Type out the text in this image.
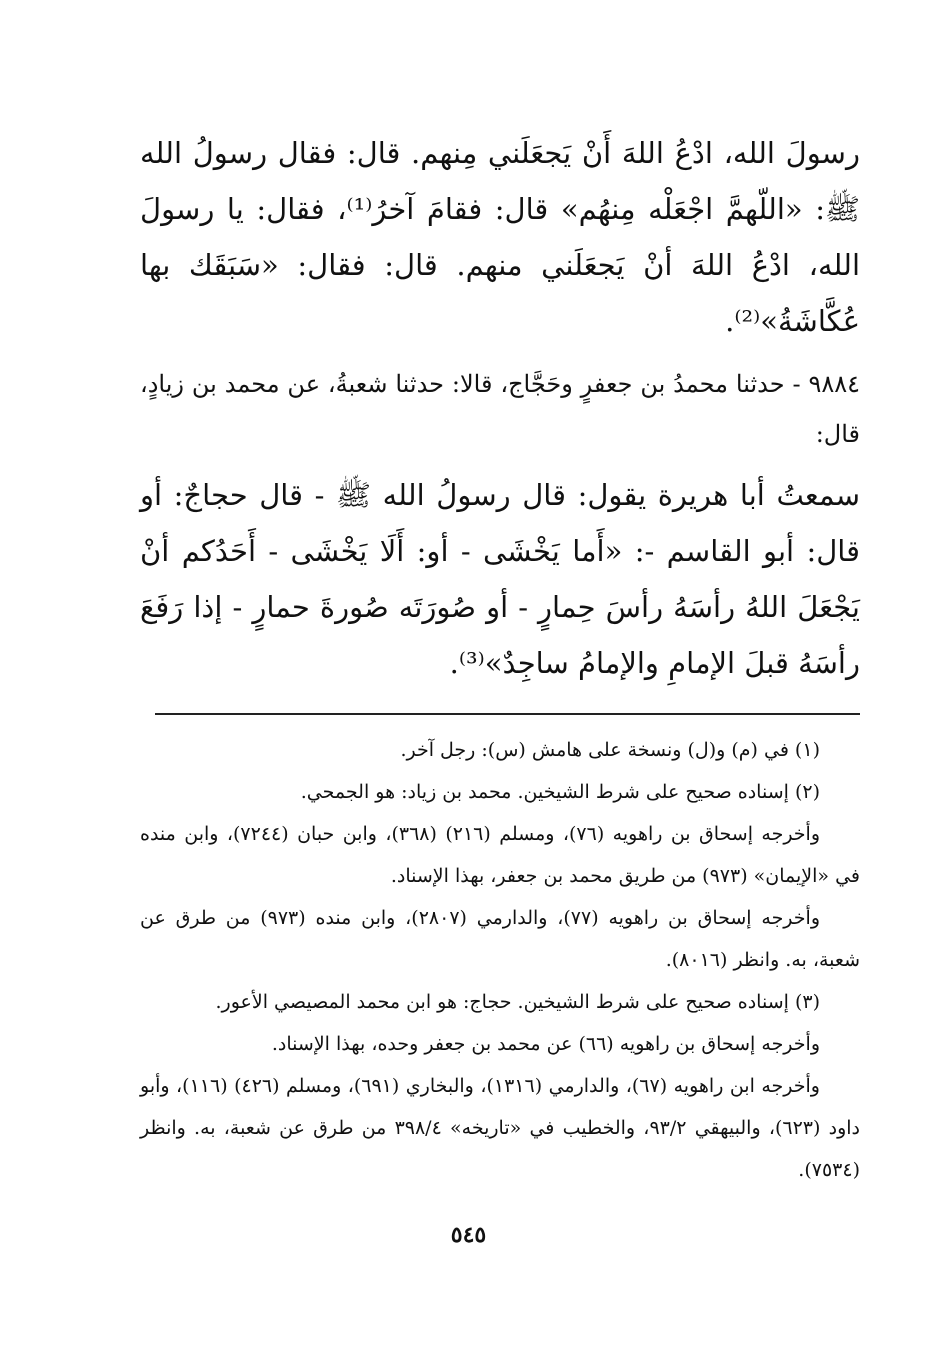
رسولَ الله، ادْعُ اللهَ أَنْ يَجعَلَني مِنهم. قال: فقال رسولُ الله ﷺ: «اللّهمَّ اجْعَلْه مِنهُم» قال: فقامَ آخرُ⁽¹⁾، فقال: يا رسولَ الله، ادْعُ اللهَ أنْ يَجعَلَني منهم. قال: فقال: «سَبَقَك بها عُكَّاشَةُ»⁽²⁾.

٩٨٨٤ - حدثنا محمدُ بن جعفرٍ وحَجَّاج، قالا: حدثنا شعبةُ، عن محمد بن زيادٍ، قال:

سمعتُ أبا هريرة يقول: قال رسولُ الله ﷺ - قال حجاجٌ: أو قال: أبو القاسم -: «أَما يَخْشَى - أو: أَلَا يَخْشَى - أَحَدُكم أنْ يَجْعَلَ اللهُ رأسَهُ رأسَ حِمارٍ - أو صُورَتَه صُورةَ حمارٍ - إذا رَفَعَ رأسَهُ قبلَ الإمامِ والإمامُ ساجِدٌ»⁽³⁾.

(١) في (م) و(ل) ونسخة على هامش (س): رجل آخر.

(٢) إسناده صحيح على شرط الشيخين. محمد بن زياد: هو الجمحي.

وأخرجه إسحاق بن راهويه (٧٦)، ومسلم (٢١٦) (٣٦٨)، وابن حبان (٧٢٤٤)، وابن منده في «الإيمان» (٩٧٣) من طريق محمد بن جعفر، بهذا الإسناد.

وأخرجه إسحاق بن راهويه (٧٧)، والدارمي (٢٨٠٧)، وابن منده (٩٧٣) من طرق عن شعبة، به. وانظر (٨٠١٦).

(٣) إسناده صحيح على شرط الشيخين. حجاج: هو ابن محمد المصيصي الأعور.

وأخرجه إسحاق بن راهويه (٦٦) عن محمد بن جعفر وحده، بهذا الإسناد.

وأخرجه ابن راهويه (٦٧)، والدارمي (١٣١٦)، والبخاري (٦٩١)، ومسلم (٤٢٦) (١١٦)، وأبو داود (٦٢٣)، والبيهقي ٩٣/٢، والخطيب في «تاريخه» ٣٩٨/٤ من طرق عن شعبة، به. وانظر (٧٥٣٤).

٥٤٥
